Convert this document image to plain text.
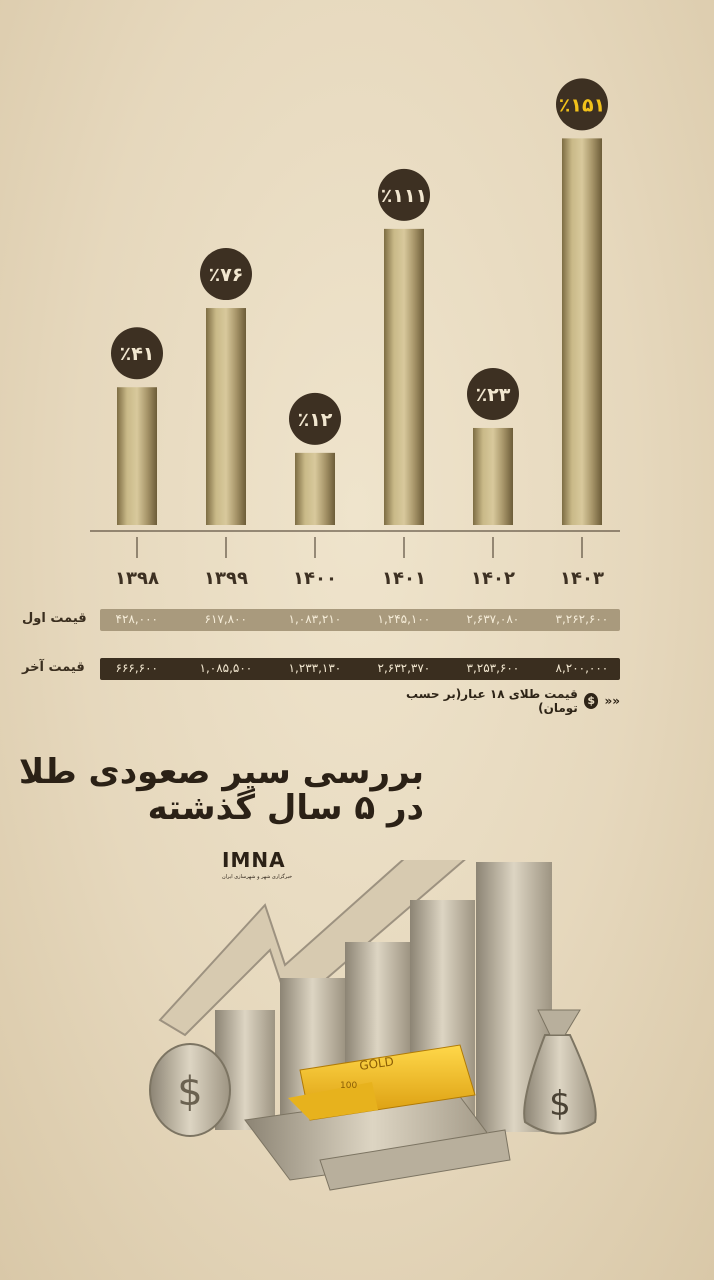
٪۴۱
٪۷۶
٪۱۲
٪۱۱۱
٪۲۳
٪۱۵۱
۱۳۹۸	۱۳۹۹	۱۴۰۰	۱۴۰۱	۱۴۰۲	۱۴۰۳
۴۲۸,۰۰۰	۶۱۷,۸۰۰	۱,۰۸۳,۲۱۰	۱,۲۴۵,۱۰۰	۲,۶۳۷,۰۸۰	۳,۲۶۲,۶۰۰
۶۶۶,۶۰۰	۱,۰۸۵,۵۰۰	۱,۲۳۳,۱۳۰	۲,۶۳۲,۳۷۰	۳,۲۵۳,۶۰۰	۸,۲۰۰,۰۰۰
قیمت اول
قیمت آخر
قیمت طلای ۱۸ عیار(بر حسب تومان)
$ »»
بررسی سیر صعودی طلا
در ۵ سال گذشته
IMNA
خبرگزاری شهر و شهرسازی ایران
GOLD
100
$	$
